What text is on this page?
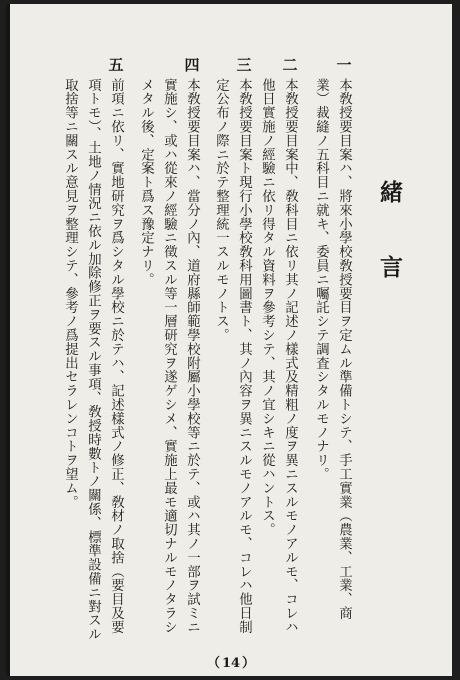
緒言
一
本敎授要目案ハ、將來小學校敎授要目ヲ定ムル準備トシテ、手工實業（農業、工業、商
業）裁縫ノ五科目ニ就キ、委員ニ囑託シテ調査シタルモノナリ。
二
本敎授要目案中、敎科目ニ依リ其ノ記述ノ樣式及精粗ノ度ヲ異ニスルモノアルモ、コレハ
他日實施ノ經驗ニ依リ得タル資料ヲ參考シテ、其ノ宜シキニ從ハントス。
三
本敎授要目案ト現行小學校敎科用圖書ト、其ノ內容ヲ異ニスルモノアルモ、コレハ他日制
定公布ノ際ニ於テ整理統一スルモノトス。
四
本敎授要目案ハ、當分ノ內、道府縣師範學校附屬小學校等ニ於テ、或ハ其ノ一部ヲ試ミニ
實施シ、或ハ從來ノ經驗ニ徵スル等一層研究ヲ遂ゲシメ、實施上最モ適切ナルモノタラシ
メタル後、定案ト爲ス豫定ナリ。
五
前項ニ依リ、實地研究ヲ爲シタル學校ニ於テハ、記述樣式ノ修正、敎材ノ取捨（要目及要
項トモ）、土地ノ情況ニ依ル加除修正ヲ要スル事項、敎授時數トノ關係、標準設備ニ對スル
取捨等ニ關スル意見ヲ整理シテ、參考ノ爲提出セラレンコトヲ望ム。
（ 14 ）
